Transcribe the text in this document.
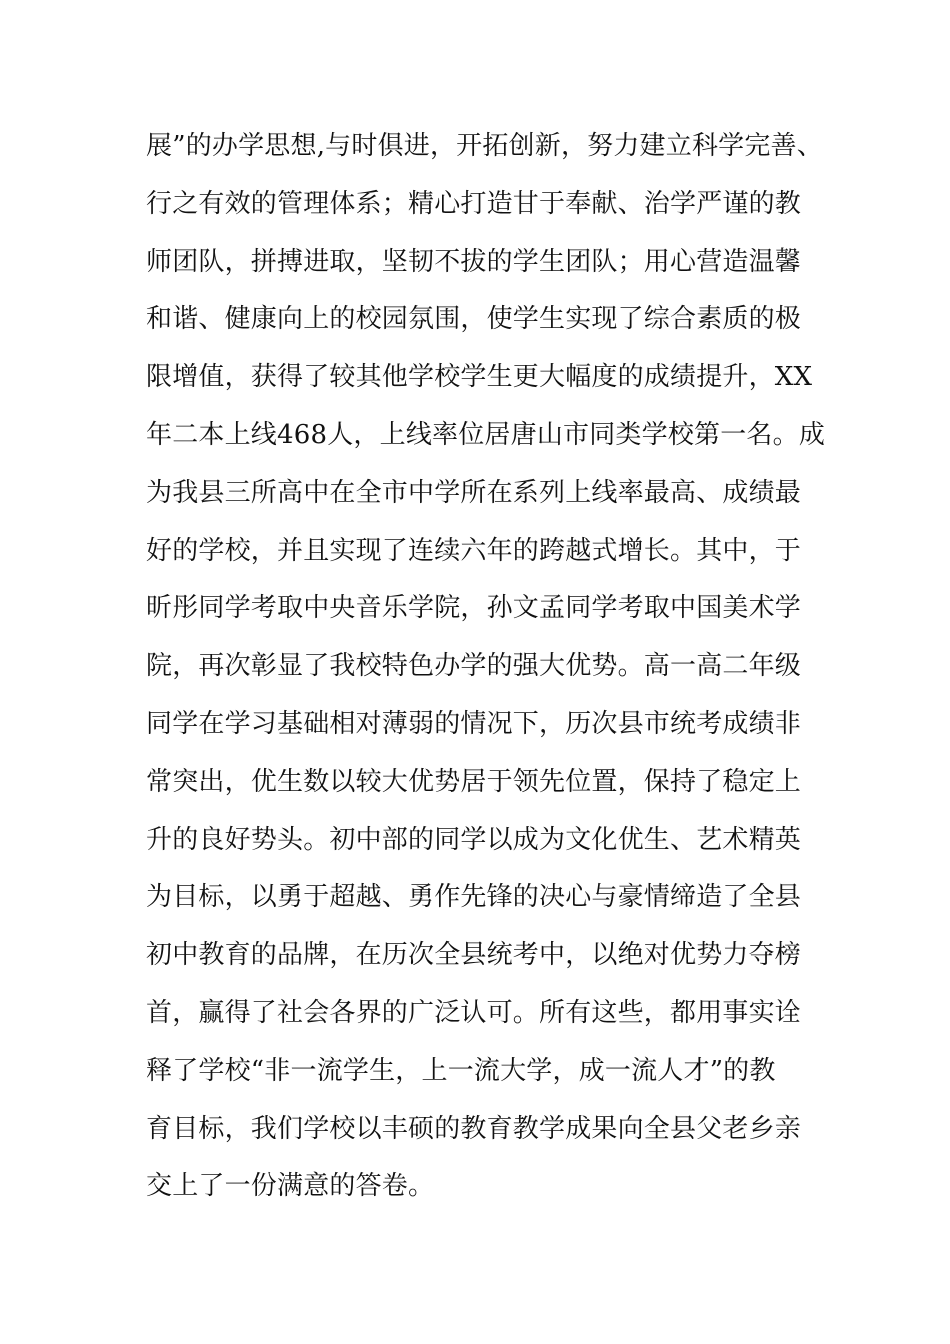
展”的办学思想,与时俱进，开拓创新，努力建立科学完善、
行之有效的管理体系；精心打造甘于奉献、治学严谨的教
师团队，拼搏进取，坚韧不拔的学生团队；用心营造温馨
和谐、健康向上的校园氛围，使学生实现了综合素质的极
限增值，获得了较其他学校学生更大幅度的成绩提升，XX
年二本上线468人，上线率位居唐山市同类学校第一名。成
为我县三所高中在全市中学所在系列上线率最高、成绩最
好的学校，并且实现了连续六年的跨越式增长。其中，于
昕彤同学考取中央音乐学院，孙文孟同学考取中国美术学
院，再次彰显了我校特色办学的强大优势。高一高二年级
同学在学习基础相对薄弱的情况下，历次县市统考成绩非
常突出，优生数以较大优势居于领先位置，保持了稳定上
升的良好势头。初中部的同学以成为文化优生、艺术精英
为目标，以勇于超越、勇作先锋的决心与豪情缔造了全县
初中教育的品牌，在历次全县统考中，以绝对优势力夺榜
首，赢得了社会各界的广泛认可。所有这些，都用事实诠
释了学校“非一流学生，上一流大学，成一流人才”的教
育目标，我们学校以丰硕的教育教学成果向全县父老乡亲
交上了一份满意的答卷。
